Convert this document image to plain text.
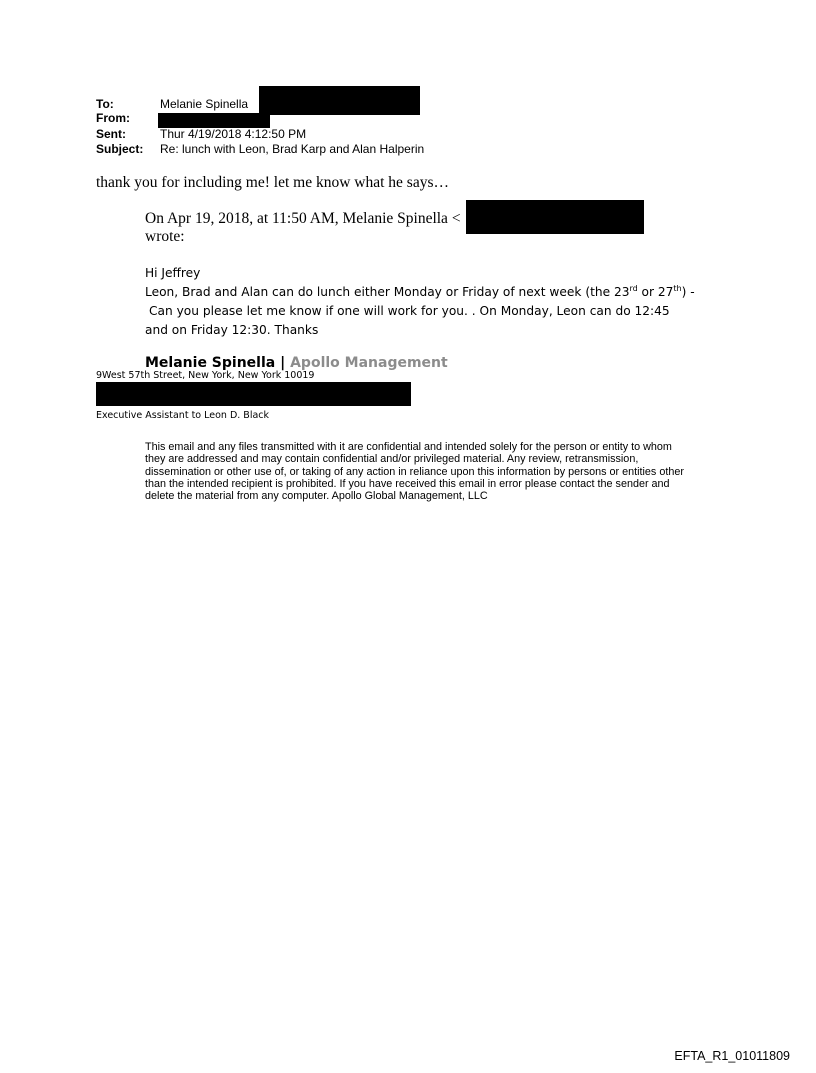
To:	Melanie Spinella
From:
Sent:	Thur 4/19/2018 4:12:50 PM
Subject: Re: lunch with Leon, Brad Karp and Alan Halperin
thank you for including me! let me know what he says…
On Apr 19, 2018, at 11:50 AM, Melanie Spinella <
wrote:
Hi Jeffrey
Leon, Brad and Alan can do lunch either Monday or Friday of next week (the 23rd or 27th) -
Can you please let me know if one will work for you. . On Monday, Leon can do 12:45
and on Friday 12:30. Thanks
Melanie Spinella | Apollo Management
9West 57th Street, New York, New York 10019
Executive Assistant to Leon D. Black
This email and any files transmitted with it are confidential and intended solely for the person or entity to whom they are addressed and may contain confidential and/or privileged material. Any review, retransmission, dissemination or other use of, or taking of any action in reliance upon this information by persons or entities other than the intended recipient is prohibited. If you have received this email in error please contact the sender and delete the material from any computer. Apollo Global Management, LLC
EFTA_R1_01011809
